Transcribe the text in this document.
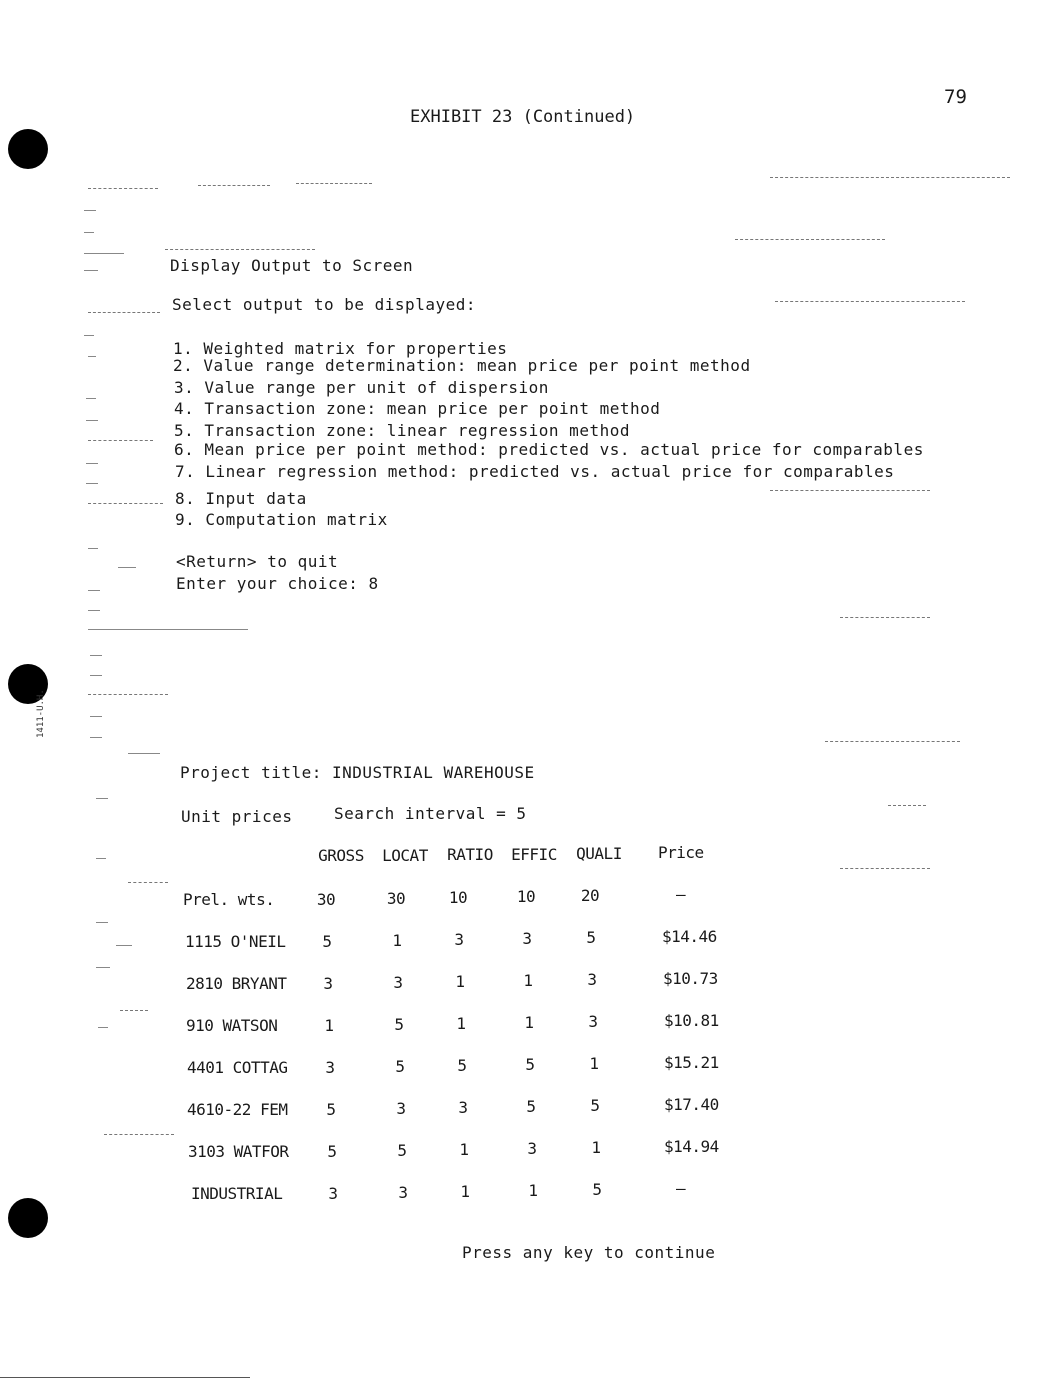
79
EXHIBIT 23 (Continued)
1411-U.H.
Display Output to Screen
Select output to be displayed:
1. Weighted matrix for properties
2. Value range determination: mean price per point method
3. Value range per unit of dispersion
4. Transaction zone: mean price per point method
5. Transaction zone: linear regression method
6. Mean price per point method: predicted vs. actual price for comparables
7. Linear regression method: predicted vs. actual price for comparables
8. Input data
9. Computation matrix
<Return> to quit
Enter your choice: 8
Project title: INDUSTRIAL WAREHOUSE
Unit prices	Search interval = 5
GROSS	LOCAT	RATIO	EFFIC	QUALI	Price
Prel. wts.	30	30	10	10	20	–
1115 O'NEIL	5	1	3	3	5	$14.46
2810 BRYANT	3	3	1	1	3	$10.73
910 WATSON	1	5	1	1	3	$10.81
4401 COTTAG	3	5	5	5	1	$15.21
4610-22 FEM	5	3	3	5	5	$17.40
3103 WATFOR	5	5	1	3	1	$14.94
INDUSTRIAL	3	3	1	1	5	–
Press any key to continue
